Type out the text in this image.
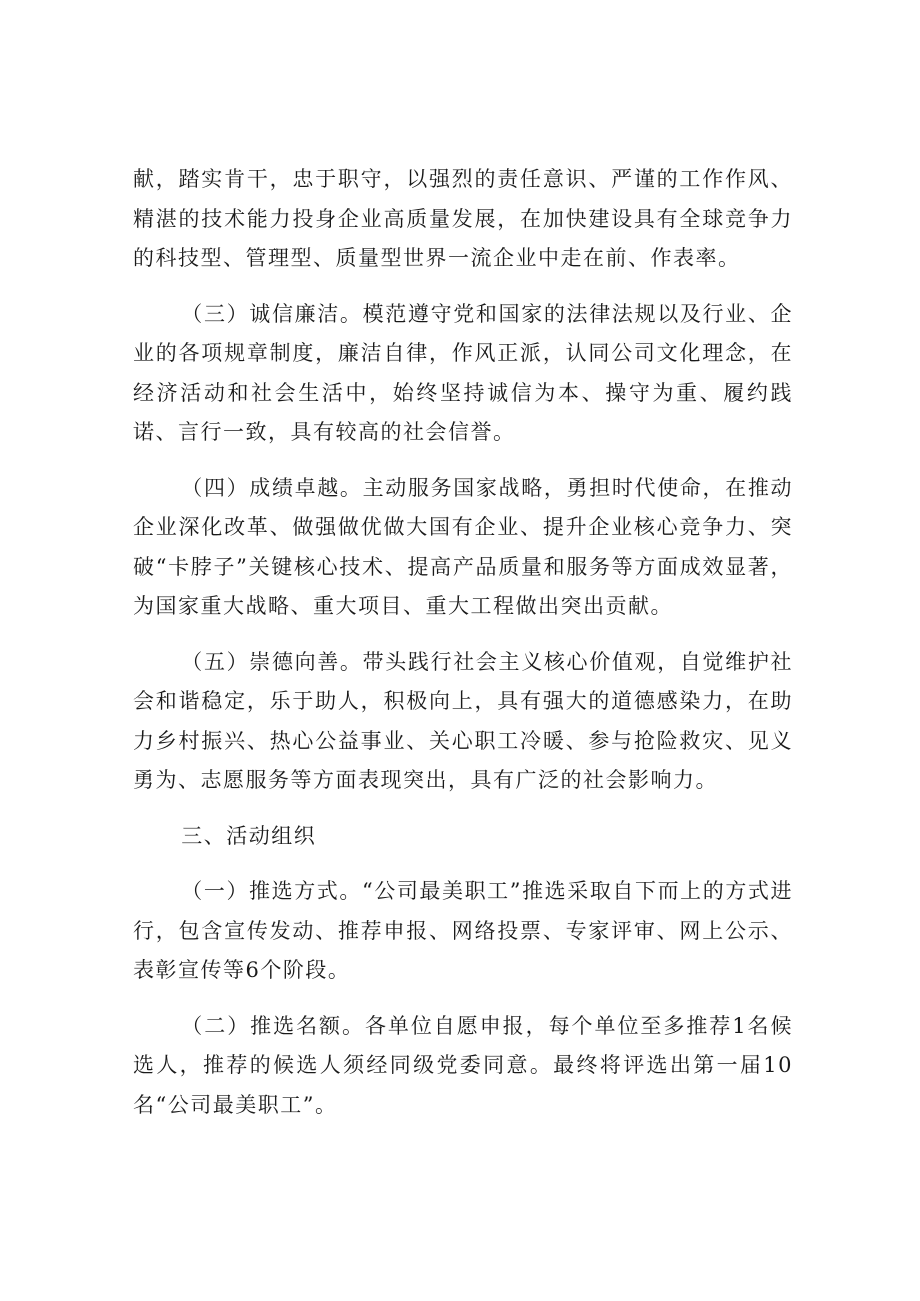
献，踏实肯干，忠于职守，以强烈的责任意识、严谨的工作作风、精湛的技术能力投身企业高质量发展，在加快建设具有全球竞争力的科技型、管理型、质量型世界一流企业中走在前、作表率。

（三）诚信廉洁。模范遵守党和国家的法律法规以及行业、企业的各项规章制度，廉洁自律，作风正派，认同公司文化理念，在经济活动和社会生活中，始终坚持诚信为本、操守为重、履约践诺、言行一致，具有较高的社会信誉。

（四）成绩卓越。主动服务国家战略，勇担时代使命，在推动企业深化改革、做强做优做大国有企业、提升企业核心竞争力、突破“卡脖子”关键核心技术、提高产品质量和服务等方面成效显著，为国家重大战略、重大项目、重大工程做出突出贡献。

（五）崇德向善。带头践行社会主义核心价值观，自觉维护社会和谐稳定，乐于助人，积极向上，具有强大的道德感染力，在助力乡村振兴、热心公益事业、关心职工冷暖、参与抢险救灾、见义勇为、志愿服务等方面表现突出，具有广泛的社会影响力。

三、活动组织

（一）推选方式。“公司最美职工”推选采取自下而上的方式进行，包含宣传发动、推荐申报、网络投票、专家评审、网上公示、表彰宣传等6个阶段。

（二）推选名额。各单位自愿申报，每个单位至多推荐1名候选人，推荐的候选人须经同级党委同意。最终将评选出第一届10名“公司最美职工”。
